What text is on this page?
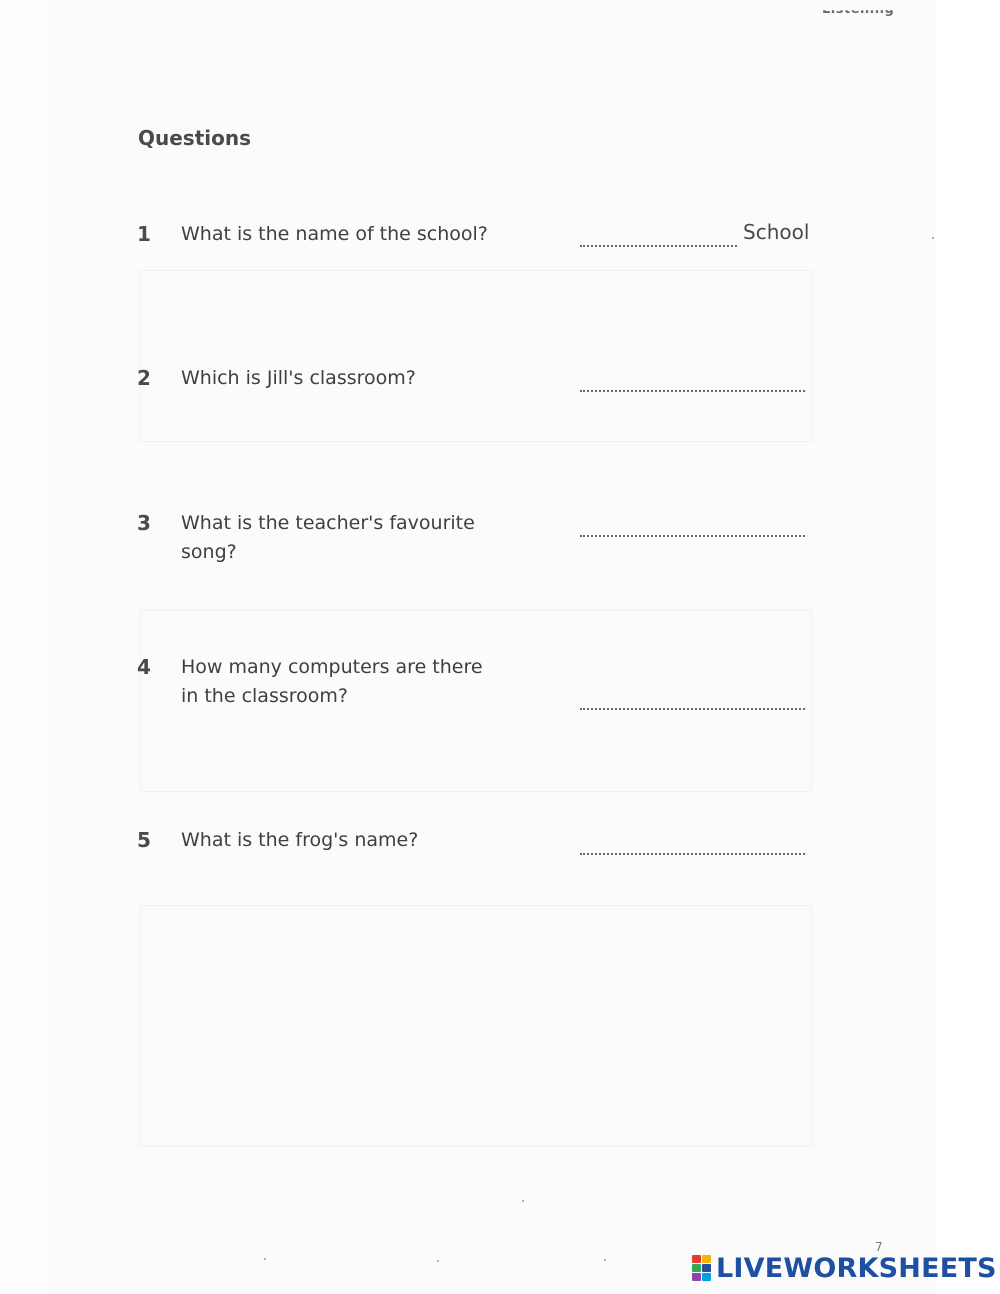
Questions
1 What is the name of the school?	School
2 Which is Jill's classroom?
3 What is the teacher's favourite song?
4 How many computers are there
in the classroom?
5 What is the frog's name?
7
LIVEWORKSHEETS
